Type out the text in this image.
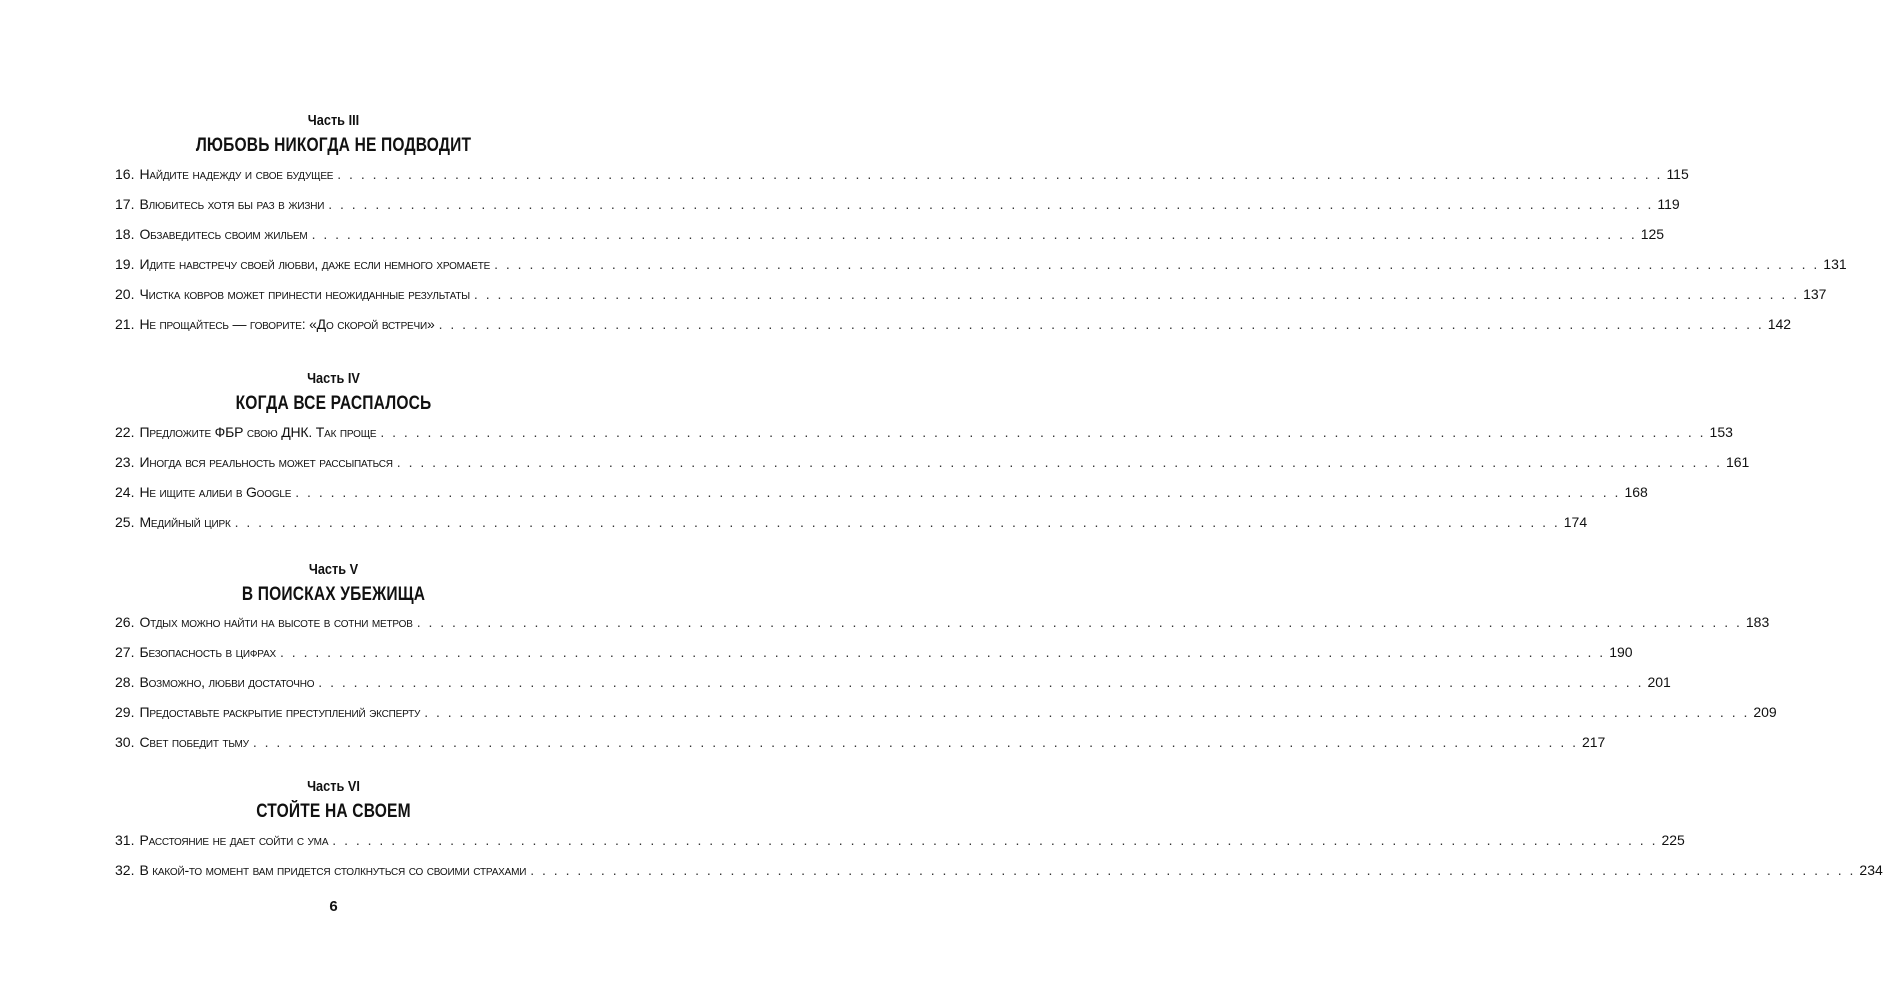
Часть III
ЛЮБОВЬ НИКОГДА НЕ ПОДВОДИТ
16. Найдите надежду и свое будущее . . .	115
17. Влюбитесь хотя бы раз в жизни . . .	119
18. Обзаведитесь своим жильем . . .	125
19. Идите навстречу своей любви, даже если немного хромаете . . .	131
20. Чистка ковров может принести неожиданные результаты . . .	137
21. Не прощайтесь — говорите: «До скорой встречи» . . .	142
Часть IV
КОГДА ВСЕ РАСПАЛОСЬ
22. Предложите ФБР свою ДНК. Так проще . . .	153
23. Иногда вся реальность может рассыпаться . . .	161
24. Не ищите алиби в Google . . .	168
25. Медийный цирк . . .	174
Часть V
В ПОИСКАХ УБЕЖИЩА
26. Отдых можно найти на высоте в сотни метров . . .	183
27. Безопасность в цифрах . . .	190
28. Возможно, любви достаточно . . .	201
29. Предоставьте раскрытие преступлений эксперту . . .	209
30. Свет победит тьму . . .	217
Часть VI
СТОЙТЕ НА СВОЕМ
31. Расстояние не дает сойти с ума . . .	225
32. В какой-то момент вам придется столкнуться со своими страхами . . .	234
6
